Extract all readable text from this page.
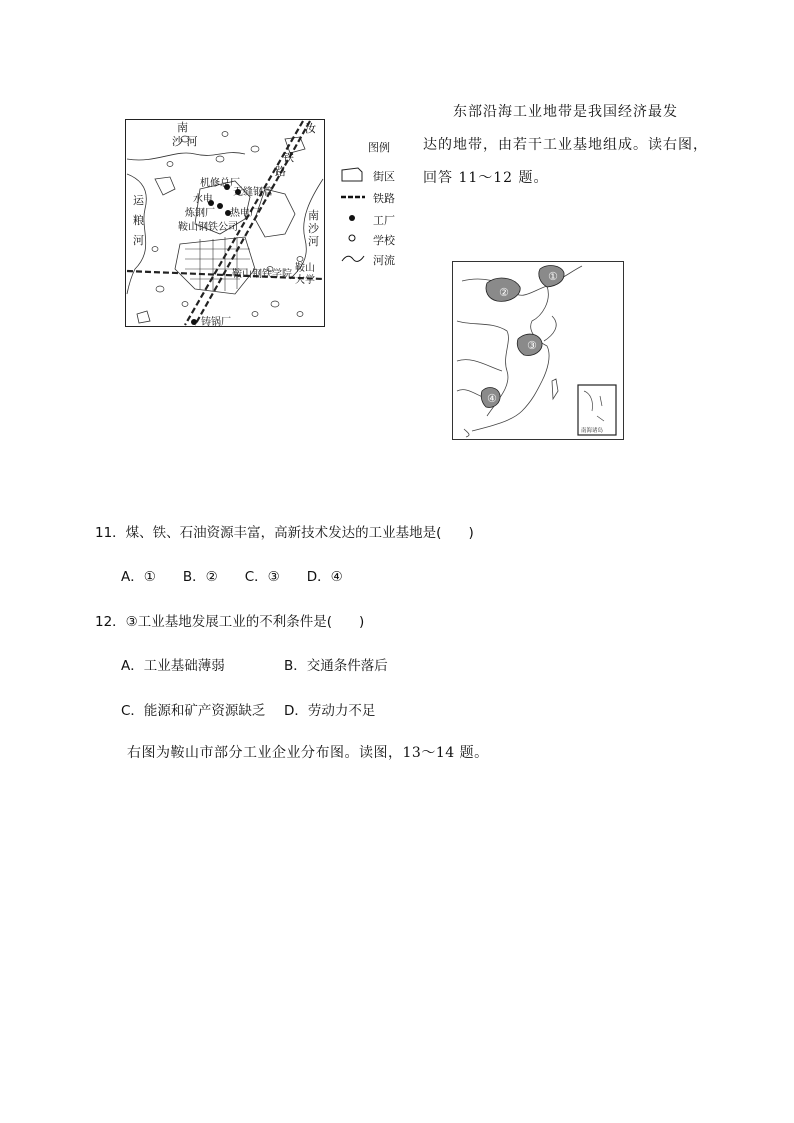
南
沙 河
运
粮
河
南
沙
河
汝
铁
路
机修总厂
无缝钢管
水电
炼钢厂 热电厂
鞍山钢铁公司
鞍山钢铁学院
鞍山
大学
铸锅厂
图例
街区
铁路
工厂
学校
河流
东部沿海工业地带是我国经济最发
达的地带，由若干工业基地组成。读右图，
回答 11～12 题。
①
②
③
④
南海诸岛
11．煤、铁、石油资源丰富，高新技术发达的工业基地是(　　)
A．①　　B．②　　C．③　　D．④
12．③工业基地发展工业的不利条件是(　　)
A．工业基础薄弱	B．交通条件落后
C．能源和矿产资源缺乏 D．劳动力不足
右图为鞍山市部分工业企业分布图。读图，13～14 题。
